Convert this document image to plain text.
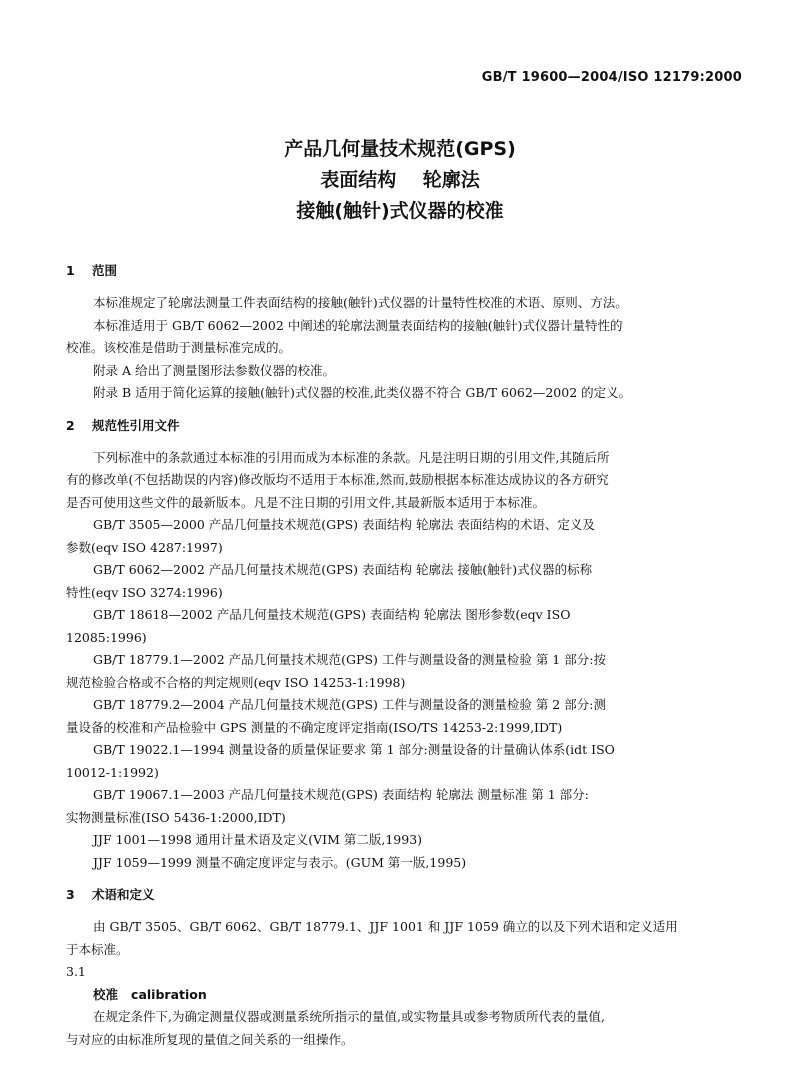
GB/T 19600—2004/ISO 12179:2000
产品几何量技术规范(GPS)
表面结构    轮廓法
接触(触针)式仪器的校准
1 范围
本标准规定了轮廓法测量工件表面结构的接触(触针)式仪器的计量特性校准的术语、原则、方法。
本标准适用于 GB/T 6062—2002 中阐述的轮廓法测量表面结构的接触(触针)式仪器计量特性的
校准。该校准是借助于测量标准完成的。
附录 A 给出了测量图形法参数仪器的校准。
附录 B 适用于简化运算的接触(触针)式仪器的校准,此类仪器不符合 GB/T 6062—2002 的定义。
2 规范性引用文件
下列标准中的条款通过本标准的引用而成为本标准的条款。凡是注明日期的引用文件,其随后所
有的修改单(不包括勘误的内容)修改版均不适用于本标准,然而,鼓励根据本标准达成协议的各方研究
是否可使用这些文件的最新版本。凡是不注日期的引用文件,其最新版本适用于本标准。
GB/T 3505—2000 产品几何量技术规范(GPS) 表面结构 轮廓法 表面结构的术语、定义及
参数(eqv ISO 4287:1997)
GB/T 6062—2002 产品几何量技术规范(GPS) 表面结构 轮廓法 接触(触针)式仪器的标称
特性(eqv ISO 3274:1996)
GB/T 18618—2002 产品几何量技术规范(GPS) 表面结构 轮廓法 图形参数(eqv ISO
12085:1996)
GB/T 18779.1—2002 产品几何量技术规范(GPS) 工件与测量设备的测量检验 第 1 部分:按
规范检验合格或不合格的判定规则(eqv ISO 14253-1:1998)
GB/T 18779.2—2004 产品几何量技术规范(GPS) 工件与测量设备的测量检验 第 2 部分:测
量设备的校准和产品检验中 GPS 测量的不确定度评定指南(ISO/TS 14253-2:1999,IDT)
GB/T 19022.1—1994 测量设备的质量保证要求 第 1 部分:测量设备的计量确认体系(idt ISO
10012-1:1992)
GB/T 19067.1—2003 产品几何量技术规范(GPS) 表面结构 轮廓法 测量标准 第 1 部分:
实物测量标准(ISO 5436-1:2000,IDT)
JJF 1001—1998 通用计量术语及定义(VIM 第二版,1993)
JJF 1059—1999 测量不确定度评定与表示。(GUM 第一版,1995)
3 术语和定义
由 GB/T 3505、GB/T 6062、GB/T 18779.1、JJF 1001 和 JJF 1059 确立的以及下列术语和定义适用
于本标准。
3.1
校准   calibration
在规定条件下,为确定测量仪器或测量系统所指示的量值,或实物量具或参考物质所代表的量值,
与对应的由标准所复现的量值之间关系的一组操作。
